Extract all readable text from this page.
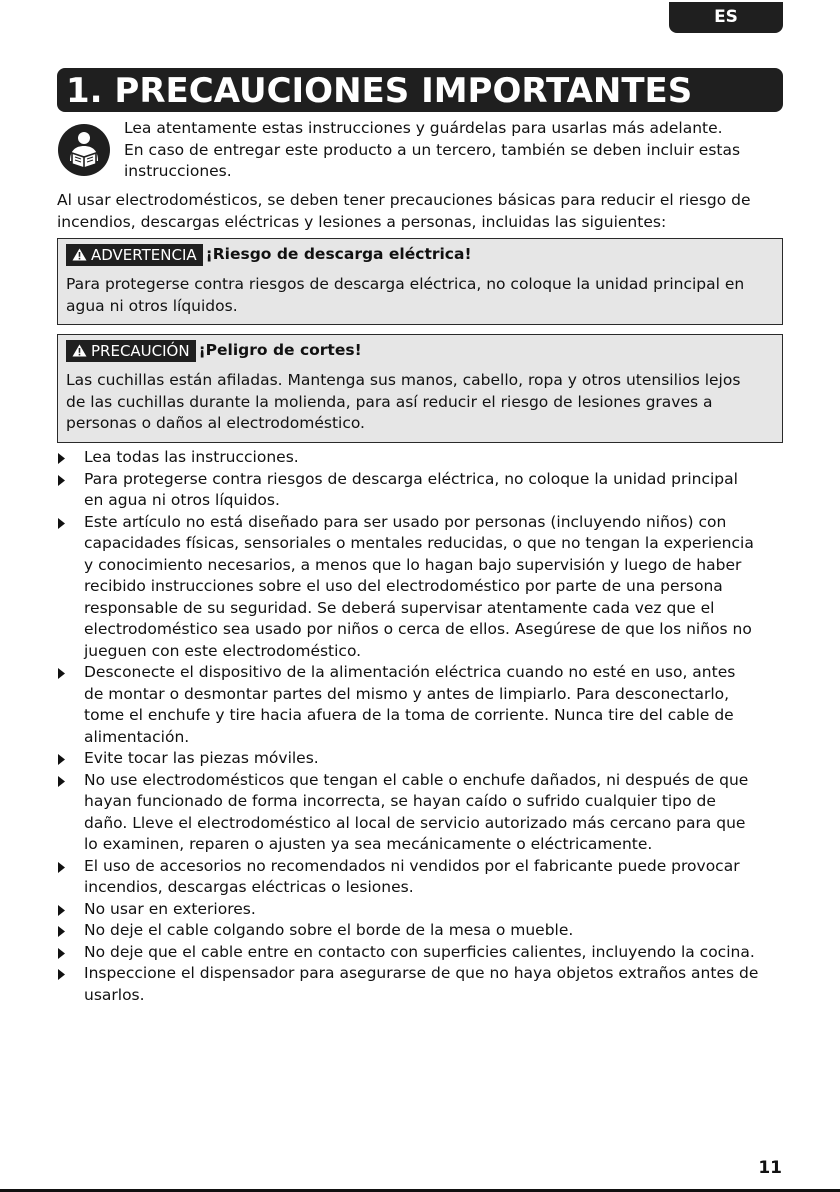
ES
1. PRECAUCIONES IMPORTANTES
Lea atentamente estas instrucciones y guárdelas para usarlas más adelante.
En caso de entregar este producto a un tercero, también se deben incluir estas
instrucciones.
Al usar electrodomésticos, se deben tener precauciones básicas para reducir el riesgo de
incendios, descargas eléctricas y lesiones a personas, incluidas las siguientes:
ADVERTENCIA ¡Riesgo de descarga eléctrica!
Para protegerse contra riesgos de descarga eléctrica, no coloque la unidad principal en
agua ni otros líquidos.
PRECAUCIÓN ¡Peligro de cortes!
Las cuchillas están afiladas. Mantenga sus manos, cabello, ropa y otros utensilios lejos
de las cuchillas durante la molienda, para así reducir el riesgo de lesiones graves a
personas o daños al electrodoméstico.
Lea todas las instrucciones.
Para protegerse contra riesgos de descarga eléctrica, no coloque la unidad principal
en agua ni otros líquidos.
Este artículo no está diseñado para ser usado por personas (incluyendo niños) con
capacidades físicas, sensoriales o mentales reducidas, o que no tengan la experiencia
y conocimiento necesarios, a menos que lo hagan bajo supervisión y luego de haber
recibido instrucciones sobre el uso del electrodoméstico por parte de una persona
responsable de su seguridad. Se deberá supervisar atentamente cada vez que el
electrodoméstico sea usado por niños o cerca de ellos. Asegúrese de que los niños no
jueguen con este electrodoméstico.
Desconecte el dispositivo de la alimentación eléctrica cuando no esté en uso, antes
de montar o desmontar partes del mismo y antes de limpiarlo. Para desconectarlo,
tome el enchufe y tire hacia afuera de la toma de corriente. Nunca tire del cable de
alimentación.
Evite tocar las piezas móviles.
No use electrodomésticos que tengan el cable o enchufe dañados, ni después de que
hayan funcionado de forma incorrecta, se hayan caído o sufrido cualquier tipo de
daño. Lleve el electrodoméstico al local de servicio autorizado más cercano para que
lo examinen, reparen o ajusten ya sea mecánicamente o eléctricamente.
El uso de accesorios no recomendados ni vendidos por el fabricante puede provocar
incendios, descargas eléctricas o lesiones.
No usar en exteriores.
No deje el cable colgando sobre el borde de la mesa o mueble.
No deje que el cable entre en contacto con superficies calientes, incluyendo la cocina.
Inspeccione el dispensador para asegurarse de que no haya objetos extraños antes de
usarlos.
11
